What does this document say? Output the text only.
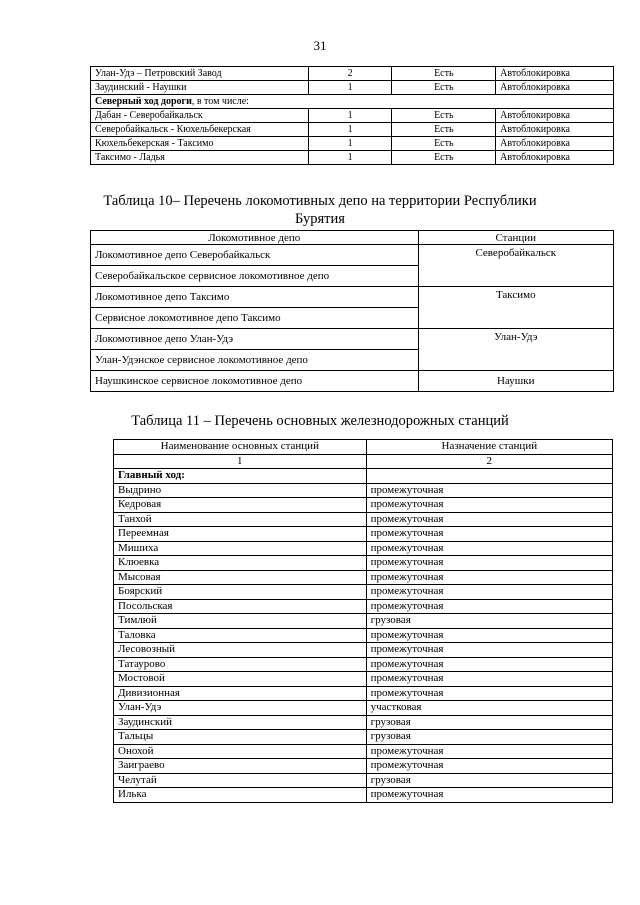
31
Улан-Удэ – Петровский Завод	2	Есть	Автоблокировка
Заудинский - Наушки	1	Есть	Автоблокировка
Северный ход дороги, в том числе:			
Дабан - Северобайкальск	1	Есть	Автоблокировка
Северобайкальск - Кюхельбекерская	1	Есть	Автоблокировка
Кюхельбекерская - Таксимо	1	Есть	Автоблокировка
Таксимо - Ладья	1	Есть	Автоблокировка
Таблица 10– Перечень локомотивных депо на территории Республики
Бурятия
Локомотивное депо	Станции
Локомотивное депо Северобайкальск	Северобайкальск
Северобайкальское сервисное локомотивное депо	
Локомотивное депо Таксимо	Таксимо
Сервисное локомотивное депо Таксимо	
Локомотивное депо Улан-Удэ	Улан-Удэ
Улан-Удэнское сервисное локомотивное депо	
Наушкинское сервисное локомотивное депо	Наушки
Таблица 11 – Перечень основных железнодорожных станций
Наименование основных станций	Назначение станций
1	2
Главный ход:	
Выдрино	промежуточная
Кедровая	промежуточная
Танхой	промежуточная
Переемная	промежуточная
Мишиха	промежуточная
Клюевка	промежуточная
Мысовая	промежуточная
Боярский	промежуточная
Посольская	промежуточная
Тимлюй	грузовая
Таловка	промежуточная
Лесовозный	промежуточная
Татаурово	промежуточная
Мостовой	промежуточная
Дивизионная	промежуточная
Улан-Удэ	участковая
Заудинский	грузовая
Тальцы	грузовая
Онохой	промежуточная
Заиграево	промежуточная
Челутай	грузовая
Илька	промежуточная
